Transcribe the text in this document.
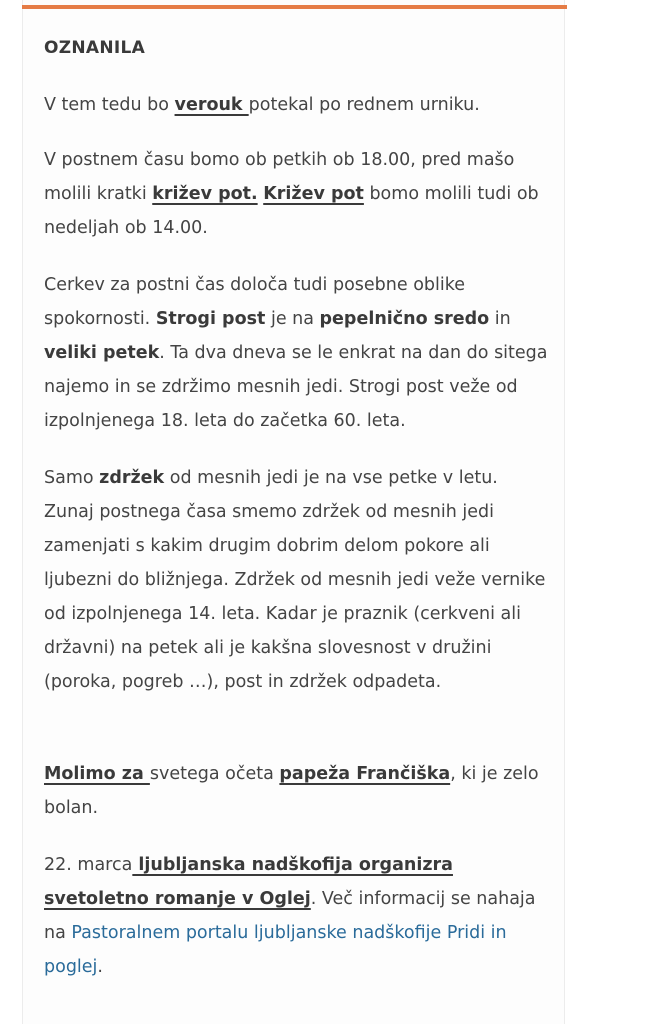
OZNANILA

V tem tedu bo verouk potekal po rednem urniku.

V postnem času bomo ob petkih ob 18.00, pred mašo molili kratki križev pot. Križev pot bomo molili tudi ob nedeljah ob 14.00.

Cerkev za postni čas določa tudi posebne oblike spokornosti. Strogi post je na pepelnično sredo in veliki petek. Ta dva dneva se le enkrat na dan do sitega najemo in se zdržimo mesnih jedi. Strogi post veže od izpolnjenega 18. leta do začetka 60. leta.

Samo zdržek od mesnih jedi je na vse petke v letu. Zunaj postnega časa smemo zdržek od mesnih jedi zamenjati s kakim drugim dobrim delom pokore ali ljubezni do bližnjega. Zdržek od mesnih jedi veže vernike od izpolnjenega 14. leta. Kadar je praznik (cerkveni ali državni) na petek ali je kakšna slovesnost v družini (poroka, pogreb …), post in zdržek odpadeta.

Molimo za svetega očeta papeža Frančiška, ki je zelo bolan.

22. marca ljubljanska nadškofija organizra svetoletno romanje v Oglej. Več informacij se nahaja na Pastoralnem portalu ljubljanske nadškofije Pridi in poglej.
